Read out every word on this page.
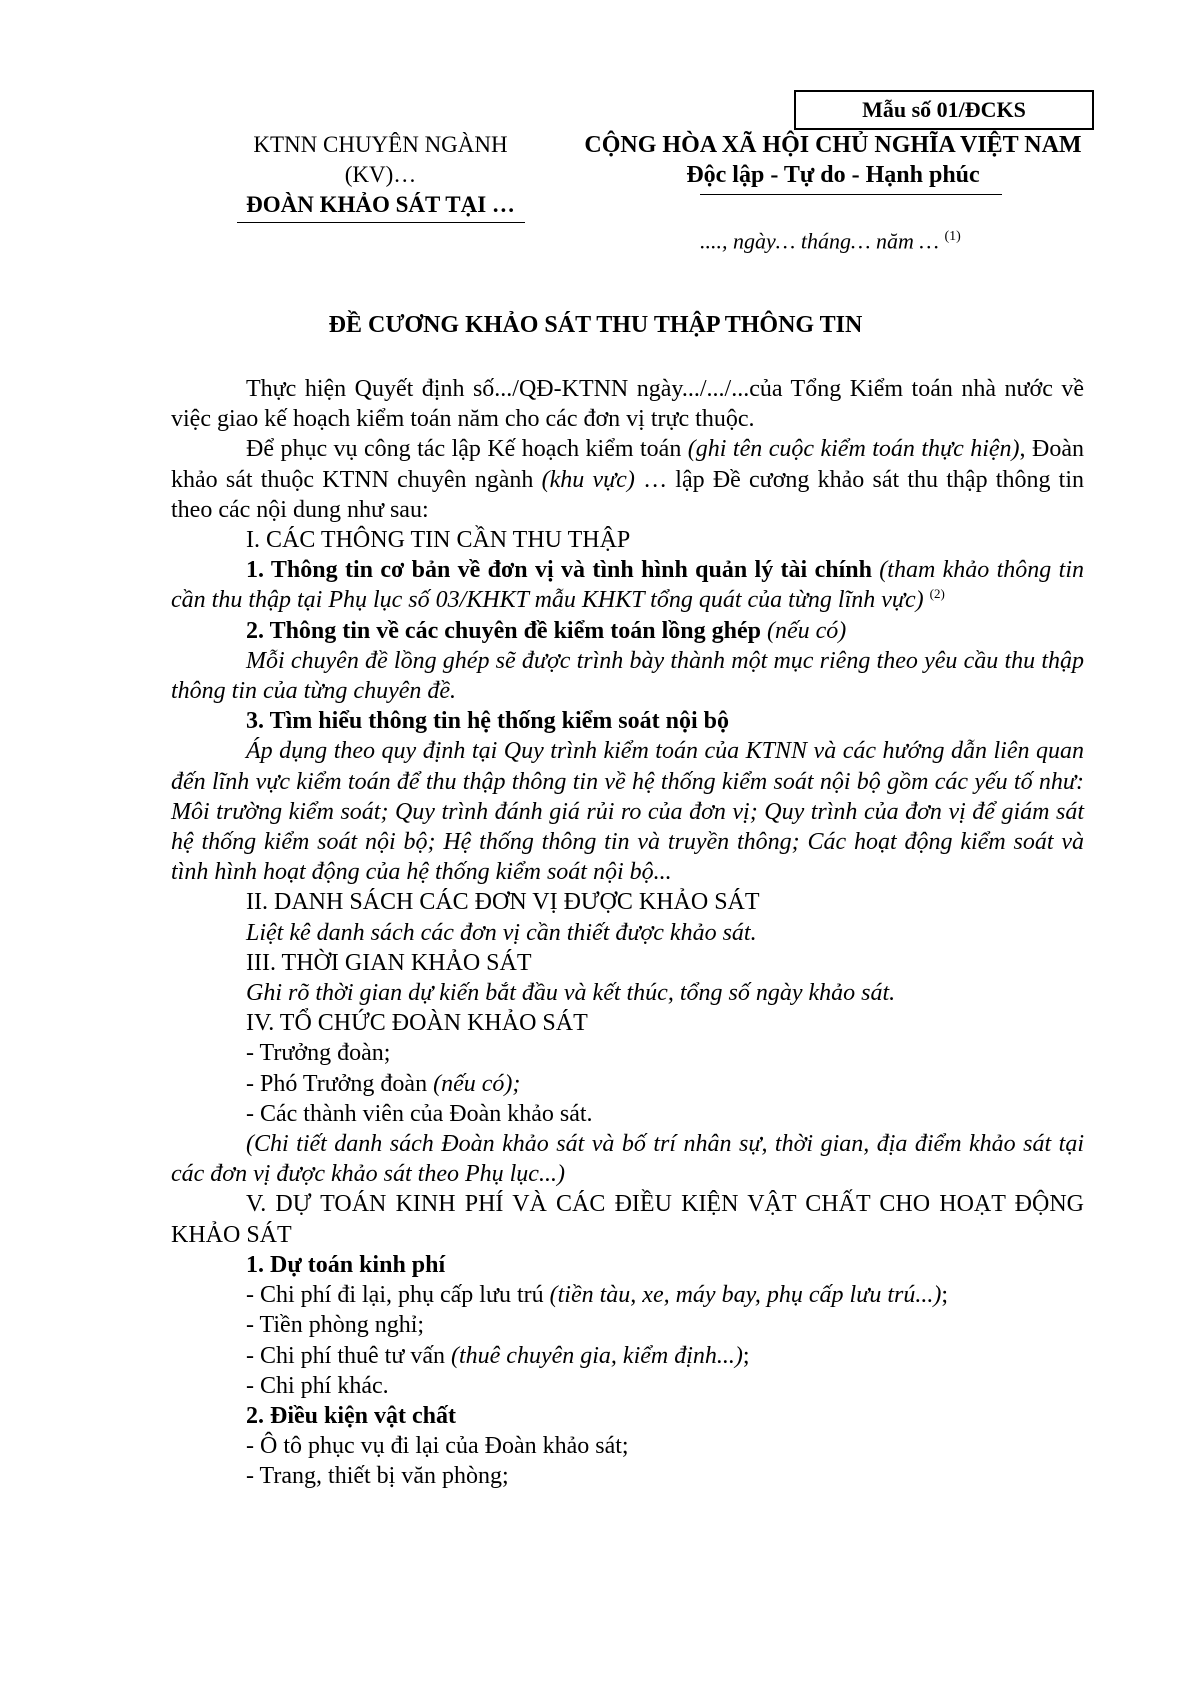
Mẫu số 01/ĐCKS
KTNN CHUYÊN NGÀNH
(KV)…
ĐOÀN KHẢO SÁT TẠI …
CỘNG HÒA XÃ HỘI CHỦ NGHĨA VIỆT NAM
Độc lập - Tự do - Hạnh phúc
...., ngày… tháng… năm … $^{(1)}$
ĐỀ CƯƠNG KHẢO SÁT THU THẬP THÔNG TIN

Thực hiện Quyết định số.../QĐ-KTNN ngày.../.../...của Tổng Kiểm toán nhà nước về việc giao kế hoạch kiểm toán năm cho các đơn vị trực thuộc.

Để phục vụ công tác lập Kế hoạch kiểm toán (ghi tên cuộc kiểm toán thực hiện), Đoàn khảo sát thuộc KTNN chuyên ngành (khu vực) … lập Đề cương khảo sát thu thập thông tin theo các nội dung như sau:

I. CÁC THÔNG TIN CẦN THU THẬP

1. Thông tin cơ bản về đơn vị và tình hình quản lý tài chính (tham khảo thông tin cần thu thập tại Phụ lục số 03/KHKT mẫu KHKT tổng quát của từng lĩnh vực) $^{(2)}$

2. Thông tin về các chuyên đề kiểm toán lồng ghép (nếu có)

Mỗi chuyên đề lồng ghép sẽ được trình bày thành một mục riêng theo yêu cầu thu thập thông tin của từng chuyên đề.

3. Tìm hiểu thông tin hệ thống kiểm soát nội bộ

Áp dụng theo quy định tại Quy trình kiểm toán của KTNN và các hướng dẫn liên quan đến lĩnh vực kiểm toán để thu thập thông tin về hệ thống kiểm soát nội bộ gồm các yếu tố như: Môi trường kiểm soát; Quy trình đánh giá rủi ro của đơn vị; Quy trình của đơn vị để giám sát hệ thống kiểm soát nội bộ; Hệ thống thông tin và truyền thông; Các hoạt động kiểm soát và tình hình hoạt động của hệ thống kiểm soát nội bộ...

II. DANH SÁCH CÁC ĐƠN VỊ ĐƯỢC KHẢO SÁT

Liệt kê danh sách các đơn vị cần thiết được khảo sát.

III. THỜI GIAN KHẢO SÁT

Ghi rõ thời gian dự kiến bắt đầu và kết thúc, tổng số ngày khảo sát.

IV. TỔ CHỨC ĐOÀN KHẢO SÁT

- Trưởng đoàn;

- Phó Trưởng đoàn (nếu có);

- Các thành viên của Đoàn khảo sát.

(Chi tiết danh sách Đoàn khảo sát và bố trí nhân sự, thời gian, địa điểm khảo sát tại các đơn vị được khảo sát theo Phụ lục...)

V. DỰ TOÁN KINH PHÍ VÀ CÁC ĐIỀU KIỆN VẬT CHẤT CHO HOẠT ĐỘNG KHẢO SÁT

1. Dự toán kinh phí

- Chi phí đi lại, phụ cấp lưu trú (tiền tàu, xe, máy bay, phụ cấp lưu trú...);

- Tiền phòng nghỉ;

- Chi phí thuê tư vấn (thuê chuyên gia, kiểm định...);

- Chi phí khác.

2. Điều kiện vật chất

- Ô tô phục vụ đi lại của Đoàn khảo sát;

- Trang, thiết bị văn phòng;
